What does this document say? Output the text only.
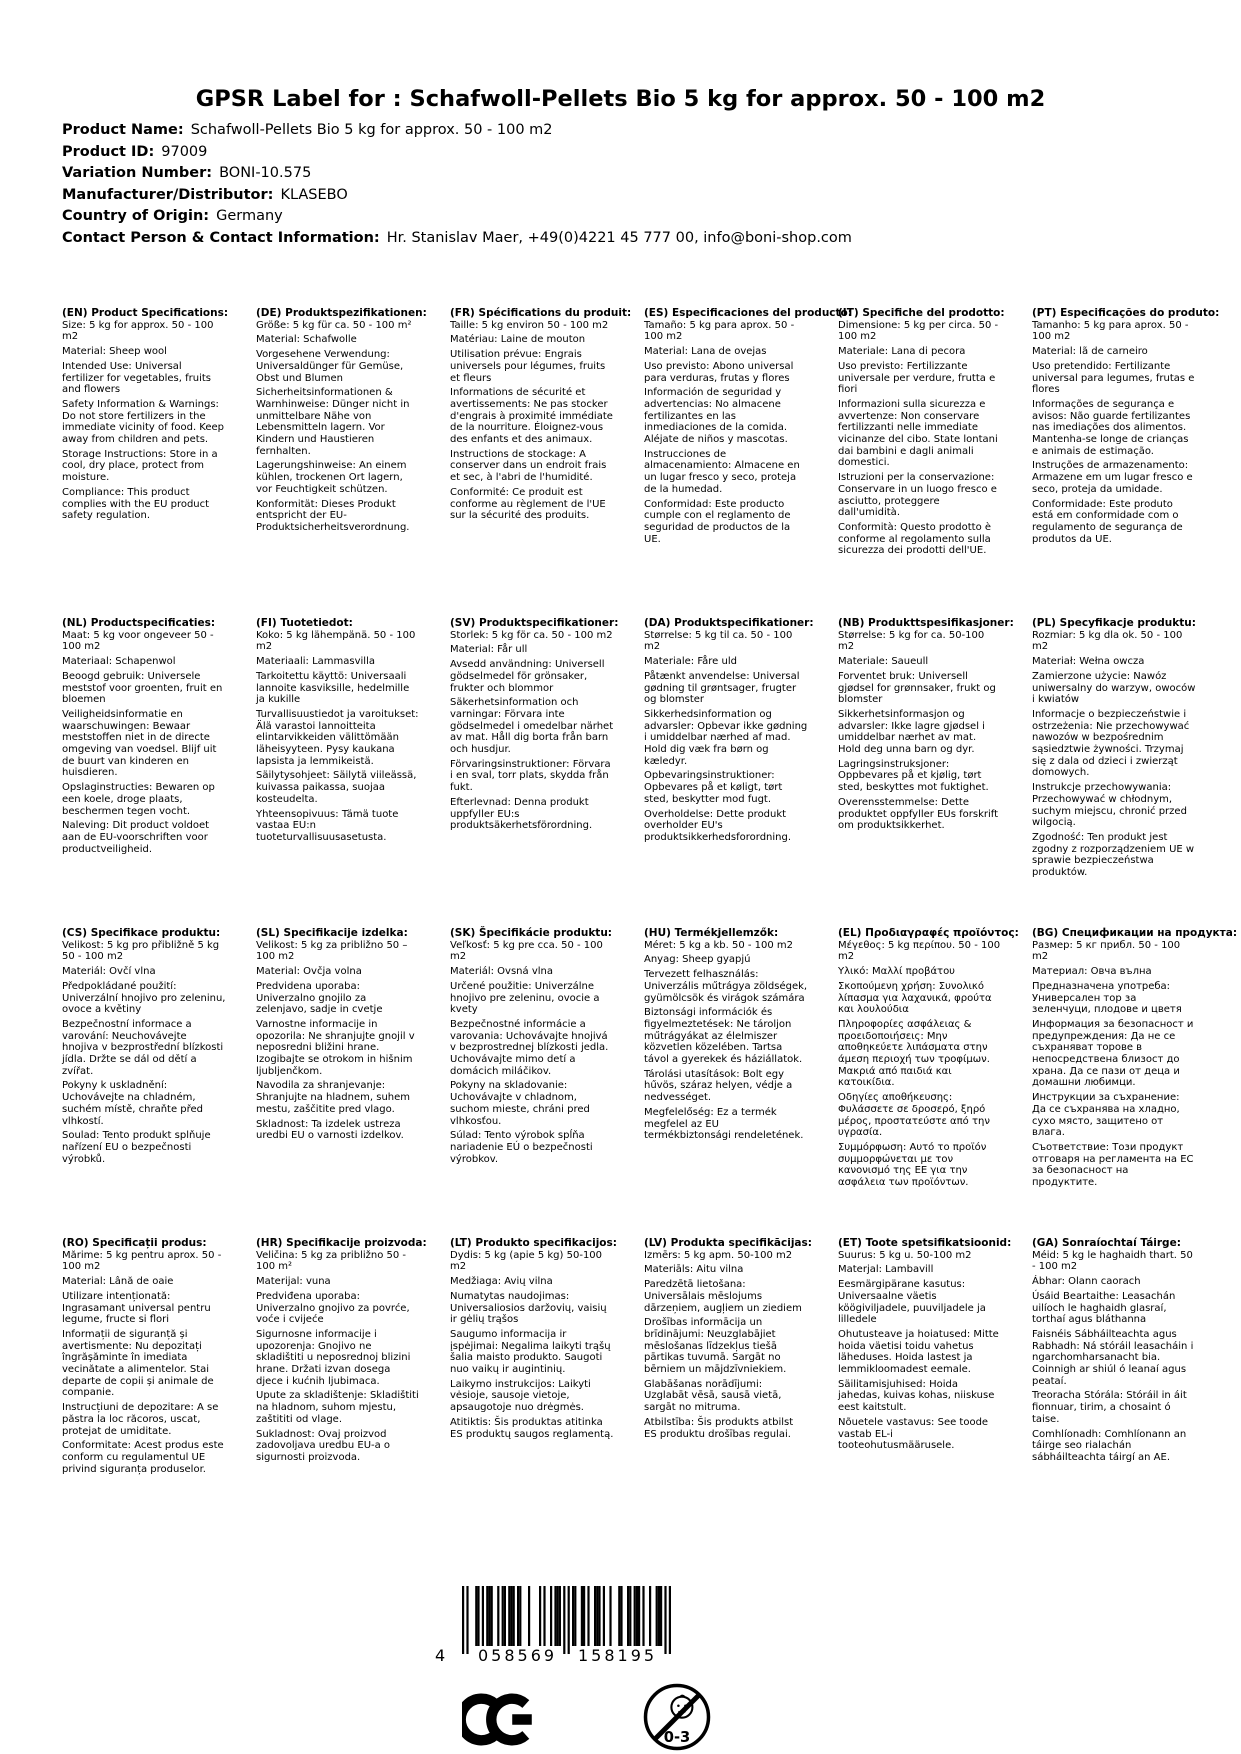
GPSR Label for : Schafwoll-Pellets Bio 5 kg for approx. 50 - 100 m2
Product Name: Schafwoll-Pellets Bio 5 kg for approx. 50 - 100 m2
Product ID: 97009
Variation Number: BONI-10.575
Manufacturer/Distributor: KLASEBO
Country of Origin: Germany
Contact Person & Contact Information: Hr. Stanislav Maer, +49(0)4221 45 777 00, info@boni-shop.com
(EN) Product Specifications:

Size: 5 kg for approx. 50 - 100 m2

Material: Sheep wool

Intended Use: Universal fertilizer for vegetables, fruits and flowers

Safety Information & Warnings: Do not store fertilizers in the immediate vicinity of food. Keep away from children and pets.

Storage Instructions: Store in a cool, dry place, protect from moisture.

Compliance: This product complies with the EU product safety regulation.

(DE) Produktspezifikationen:

Größe: 5 kg für ca. 50 - 100 m²

Material: Schafwolle

Vorgesehene Verwendung: Universaldünger für Gemüse, Obst und Blumen

Sicherheitsinformationen & Warnhinweise: Dünger nicht in unmittelbare Nähe von Lebensmitteln lagern. Vor Kindern und Haustieren fernhalten.

Lagerungshinweise: An einem kühlen, trockenen Ort lagern, vor Feuchtigkeit schützen.

Konformität: Dieses Produkt entspricht der EU-Produktsicherheitsverordnung.

(FR) Spécifications du produit:

Taille: 5 kg environ 50 - 100 m2

Matériau: Laine de mouton

Utilisation prévue: Engrais universels pour légumes, fruits et fleurs

Informations de sécurité et avertissements: Ne pas stocker d'engrais à proximité immédiate de la nourriture. Éloignez-vous des enfants et des animaux.

Instructions de stockage: A conserver dans un endroit frais et sec, à l'abri de l'humidité.

Conformité: Ce produit est conforme au règlement de l'UE sur la sécurité des produits.

(ES) Especificaciones del producto:

Tamaño: 5 kg para aprox. 50 - 100 m2

Material: Lana de ovejas

Uso previsto: Abono universal para verduras, frutas y flores

Información de seguridad y advertencias: No almacene fertilizantes en las inmediaciones de la comida. Aléjate de niños y mascotas.

Instrucciones de almacenamiento: Almacene en un lugar fresco y seco, proteja de la humedad.

Conformidad: Este producto cumple con el reglamento de seguridad de productos de la UE.

(IT) Specifiche del prodotto:

Dimensione: 5 kg per circa. 50 - 100 m2

Materiale: Lana di pecora

Uso previsto: Fertilizzante universale per verdure, frutta e fiori

Informazioni sulla sicurezza e avvertenze: Non conservare fertilizzanti nelle immediate vicinanze del cibo. State lontani dai bambini e dagli animali domestici.

Istruzioni per la conservazione: Conservare in un luogo fresco e asciutto, proteggere dall'umidità.

Conformità: Questo prodotto è conforme al regolamento sulla sicurezza dei prodotti dell'UE.

(PT) Especificações do produto:

Tamanho: 5 kg para aprox. 50 - 100 m2

Material: lã de carneiro

Uso pretendido: Fertilizante universal para legumes, frutas e flores

Informações de segurança e avisos: Não guarde fertilizantes nas imediações dos alimentos. Mantenha-se longe de crianças e animais de estimação.

Instruções de armazenamento: Armazene em um lugar fresco e seco, proteja da umidade.

Conformidade: Este produto está em conformidade com o regulamento de segurança de produtos da UE.

(NL) Productspecificaties:

Maat: 5 kg voor ongeveer 50 - 100 m2

Materiaal: Schapenwol

Beoogd gebruik: Universele meststof voor groenten, fruit en bloemen

Veiligheidsinformatie en waarschuwingen: Bewaar meststoffen niet in de directe omgeving van voedsel. Blijf uit de buurt van kinderen en huisdieren.

Opslaginstructies: Bewaren op een koele, droge plaats, beschermen tegen vocht.

Naleving: Dit product voldoet aan de EU-voorschriften voor productveiligheid.

(FI) Tuotetiedot:

Koko: 5 kg lähempänä. 50 - 100 m2

Materiaali: Lammasvilla

Tarkoitettu käyttö: Universaali lannoite kasviksille, hedelmille ja kukille

Turvallisuustiedot ja varoitukset: Älä varastoi lannoitteita elintarvikkeiden välittömään läheisyyteen. Pysy kaukana lapsista ja lemmikeistä.

Säilytysohjeet: Säilytä viileässä, kuivassa paikassa, suojaa kosteudelta.

Yhteensopivuus: Tämä tuote vastaa EU:n tuoteturvallisuusasetusta.

(SV) Produktspecifikationer:

Storlek: 5 kg för ca. 50 - 100 m2

Material: Får ull

Avsedd användning: Universell gödselmedel för grönsaker, frukter och blommor

Säkerhetsinformation och varningar: Förvara inte gödselmedel i omedelbar närhet av mat. Håll dig borta från barn och husdjur.

Förvaringsinstruktioner: Förvara i en sval, torr plats, skydda från fukt.

Efterlevnad: Denna produkt uppfyller EU:s produktsäkerhetsförordning.

(DA) Produktspecifikationer:

Størrelse: 5 kg til ca. 50 - 100 m2

Materiale: Fåre uld

Påtænkt anvendelse: Universal gødning til grøntsager, frugter og blomster

Sikkerhedsinformation og advarsler: Opbevar ikke gødning i umiddelbar nærhed af mad. Hold dig væk fra børn og kæledyr.

Opbevaringsinstruktioner: Opbevares på et køligt, tørt sted, beskytter mod fugt.

Overholdelse: Dette produkt overholder EU's produktsikkerhedsforordning.

(NB) Produkttspesifikasjoner:

Størrelse: 5 kg for ca. 50-100 m2

Materiale: Saueull

Forventet bruk: Universell gjødsel for grønnsaker, frukt og blomster

Sikkerhetsinformasjon og advarsler: Ikke lagre gjødsel i umiddelbar nærhet av mat. Hold deg unna barn og dyr.

Lagringsinstruksjoner: Oppbevares på et kjølig, tørt sted, beskyttes mot fuktighet.

Overensstemmelse: Dette produktet oppfyller EUs forskrift om produktsikkerhet.

(PL) Specyfikacje produktu:

Rozmiar: 5 kg dla ok. 50 - 100 m2

Materiał: Wełna owcza

Zamierzone użycie: Nawóz uniwersalny do warzyw, owoców i kwiatów

Informacje o bezpieczeństwie i ostrzeżenia: Nie przechowywać nawozów w bezpośrednim sąsiedztwie żywności. Trzymaj się z dala od dzieci i zwierząt domowych.

Instrukcje przechowywania: Przechowywać w chłodnym, suchym miejscu, chronić przed wilgocią.

Zgodność: Ten produkt jest zgodny z rozporządzeniem UE w sprawie bezpieczeństwa produktów.

(CS) Specifikace produktu:

Velikost: 5 kg pro přibližně 5 kg 50 - 100 m2

Materiál: Ovčí vlna

Předpokládané použití: Univerzální hnojivo pro zeleninu, ovoce a květiny

Bezpečnostní informace a varování: Neuchovávejte hnojiva v bezprostřední blízkosti jídla. Držte se dál od dětí a zvířat.

Pokyny k uskladnění: Uchovávejte na chladném, suchém místě, chraňte před vlhkostí.

Soulad: Tento produkt splňuje nařízení EU o bezpečnosti výrobků.

(SL) Specifikacije izdelka:

Velikost: 5 kg za približno 50 – 100 m2

Material: Ovčja volna

Predvidena uporaba: Univerzalno gnojilo za zelenjavo, sadje in cvetje

Varnostne informacije in opozorila: Ne shranjujte gnojil v neposredni bližini hrane. Izogibajte se otrokom in hišnim ljubljenčkom.

Navodila za shranjevanje: Shranjujte na hladnem, suhem mestu, zaščitite pred vlago.

Skladnost: Ta izdelek ustreza uredbi EU o varnosti izdelkov.

(SK) Špecifikácie produktu:

Veľkosť: 5 kg pre cca. 50 - 100 m2

Materiál: Ovsná vlna

Určené použitie: Univerzálne hnojivo pre zeleninu, ovocie a kvety

Bezpečnostné informácie a varovania: Uchovávajte hnojivá v bezprostrednej blízkosti jedla. Uchovávajte mimo detí a domácich miláčikov.

Pokyny na skladovanie: Uchovávajte v chladnom, suchom mieste, chráni pred vlhkosťou.

Súlad: Tento výrobok spĺňa nariadenie EÚ o bezpečnosti výrobkov.

(HU) Termékjellemzők:

Méret: 5 kg a kb. 50 - 100 m2

Anyag: Sheep gyapjú

Tervezett felhasználás: Univerzális műtrágya zöldségek, gyümölcsök és virágok számára

Biztonsági információk és figyelmeztetések: Ne tároljon műtrágyákat az élelmiszer közvetlen közelében. Tartsa távol a gyerekek és háziállatok.

Tárolási utasítások: Bolt egy hűvös, száraz helyen, védje a nedvességet.

Megfelelőség: Ez a termék megfelel az EU termékbiztonsági rendeletének.

(EL) Προδιαγραφές προϊόντος:

Μέγεθος: 5 kg περίπου. 50 - 100 m2

Υλικό: Μαλλί προβάτου

Σκοπούμενη χρήση: Συνολικό λίπασμα για λαχανικά, φρούτα και λουλούδια

Πληροφορίες ασφάλειας & προειδοποιήσεις: Μην αποθηκεύετε λιπάσματα στην άμεση περιοχή των τροφίμων. Μακριά από παιδιά και κατοικίδια.

Οδηγίες αποθήκευσης: Φυλάσσετε σε δροσερό, ξηρό μέρος, προστατεύστε από την υγρασία.

Συμμόρφωση: Αυτό το προϊόν συμμορφώνεται με τον κανονισμό της ΕΕ για την ασφάλεια των προϊόντων.

(BG) Спецификации на продукта:

Размер: 5 кг прибл. 50 - 100 m2

Материал: Овча вълна

Предназначена употреба: Универсален тор за зеленчуци, плодове и цветя

Информация за безопасност и предупреждения: Да не се съхраняват торове в непосредствена близост до храна. Да се пази от деца и домашни любимци.

Инструкции за съхранение: Да се съхранява на хладно, сухо място, защитено от влага.

Съответствие: Този продукт отговаря на регламента на ЕС за безопасност на продуктите.

(RO) Specificații produs:

Mărime: 5 kg pentru aprox. 50 - 100 m2

Material: Lână de oaie

Utilizare intenționată: Ingrasamant universal pentru legume, fructe si flori

Informații de siguranță și avertismente: Nu depozitați îngrășăminte în imediata vecinătate a alimentelor. Stai departe de copii și animale de companie.

Instrucțiuni de depozitare: A se păstra la loc răcoros, uscat, protejat de umiditate.

Conformitate: Acest produs este conform cu regulamentul UE privind siguranța produselor.

(HR) Specifikacije proizvoda:

Veličina: 5 kg za približno 50 - 100 m²

Materijal: vuna

Predviđena uporaba: Univerzalno gnojivo za povrće, voće i cvijeće

Sigurnosne informacije i upozorenja: Gnojivo ne skladištiti u neposrednoj blizini hrane. Držati izvan dosega djece i kućnih ljubimaca.

Upute za skladištenje: Skladištiti na hladnom, suhom mjestu, zaštititi od vlage.

Sukladnost: Ovaj proizvod zadovoljava uredbu EU-a o sigurnosti proizvoda.

(LT) Produkto specifikacijos:

Dydis: 5 kg (apie 5 kg) 50-100 m2

Medžiaga: Avių vilna

Numatytas naudojimas: Universaliosios daržovių, vaisių ir gėlių trąšos

Saugumo informacija ir įspėjimai: Negalima laikyti trąšų šalia maisto produkto. Saugoti nuo vaikų ir augintinių.

Laikymo instrukcijos: Laikyti vėsioje, sausoje vietoje, apsaugotoje nuo drėgmės.

Atitiktis: Šis produktas atitinka ES produktų saugos reglamentą.

(LV) Produkta specifikācijas:

Izmērs: 5 kg apm. 50-100 m2

Materiāls: Aitu vilna

Paredzētā lietošana: Universālais mēslojums dārzeņiem, augļiem un ziediem

Drošības informācija un brīdinājumi: Neuzglabājiet mēslošanas līdzekļus tiešā pārtikas tuvumā. Sargāt no bērniem un mājdzīvniekiem.

Glabāšanas norādījumi: Uzglabāt vēsā, sausā vietā, sargāt no mitruma.

Atbilstība: Šis produkts atbilst ES produktu drošības regulai.

(ET) Toote spetsifikatsioonid:

Suurus: 5 kg u. 50-100 m2

Materjal: Lambavill

Eesmärgipärane kasutus: Universaalne väetis köögiviljadele, puuviljadele ja lilledele

Ohutusteave ja hoiatused: Mitte hoida väetisi toidu vahetus läheduses. Hoida lastest ja lemmikloomadest eemale.

Säilitamisjuhised: Hoida jahedas, kuivas kohas, niiskuse eest kaitstult.

Nõuetele vastavus: See toode vastab EL-i tooteohutusmäärusele.

(GA) Sonraíochtaí Táirge:

Méid: 5 kg le haghaidh thart. 50 - 100 m2

Ábhar: Olann caorach

Úsáid Beartaithe: Leasachán uilíoch le haghaidh glasraí, torthaí agus bláthanna

Faisnéis Sábháilteachta agus Rabhadh: Ná stóráil leasacháin i ngarchomharsanacht bia. Coinnigh ar shiúl ó leanaí agus peataí.

Treoracha Stórála: Stóráil in áit fionnuar, tirim, a chosaint ó taise.

Comhlíonadh: Comhlíonann an táirge seo rialachán sábháilteachta táirgí an AE.

4 058569 158195
0-3
